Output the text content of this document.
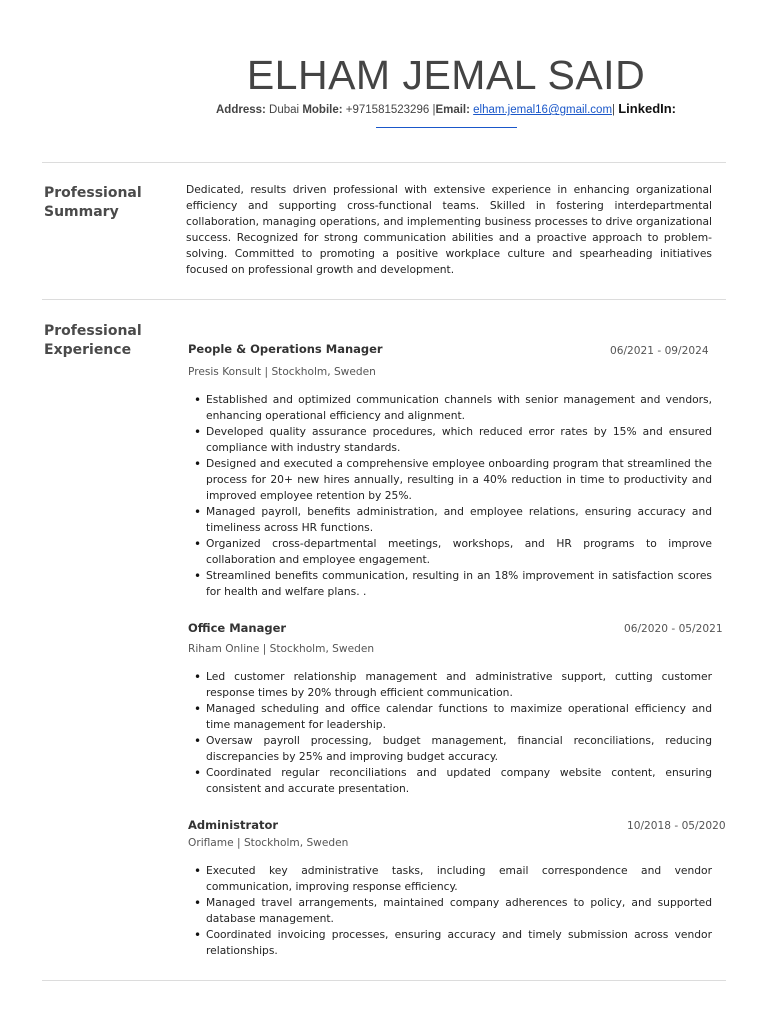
ELHAM JEMAL SAID
Address: Dubai Mobile: +971581523296 |Email: elham.jemal16@gmail.com| LinkedIn:
Professional Summary
Dedicated, results driven professional with extensive experience in enhancing organizational efficiency and supporting cross-functional teams. Skilled in fostering interdepartmental collaboration, managing operations, and implementing business processes to drive organizational success. Recognized for strong communication abilities and a proactive approach to problem-solving. Committed to promoting a positive workplace culture and spearheading initiatives focused on professional growth and development.
Professional Experience	People & Operations Manager	06/2021 - 09/2024
Presis Konsult | Stockholm, Sweden
• Established and optimized communication channels with senior management and vendors, enhancing operational efficiency and alignment.
• Developed quality assurance procedures, which reduced error rates by 15% and ensured compliance with industry standards.
• Designed and executed a comprehensive employee onboarding program that streamlined the process for 20+ new hires annually, resulting in a 40% reduction in time to productivity and improved employee retention by 25%.
• Managed payroll, benefits administration, and employee relations, ensuring accuracy and timeliness across HR functions.
• Organized cross-departmental meetings, workshops, and HR programs to improve collaboration and employee engagement.
• Streamlined benefits communication, resulting in an 18% improvement in satisfaction scores for health and welfare plans. .
Office Manager	06/2020 - 05/2021
Riham Online | Stockholm, Sweden
• Led customer relationship management and administrative support, cutting customer response times by 20% through efficient communication.
• Managed scheduling and office calendar functions to maximize operational efficiency and time management for leadership.
• Oversaw payroll processing, budget management, financial reconciliations, reducing discrepancies by 25% and improving budget accuracy.
• Coordinated regular reconciliations and updated company website content, ensuring consistent and accurate presentation.
Administrator	10/2018 - 05/2020
Oriflame | Stockholm, Sweden
• Executed key administrative tasks, including email correspondence and vendor communication, improving response efficiency.
• Managed travel arrangements, maintained company adherences to policy, and supported database management.
• Coordinated invoicing processes, ensuring accuracy and timely submission across vendor relationships.
